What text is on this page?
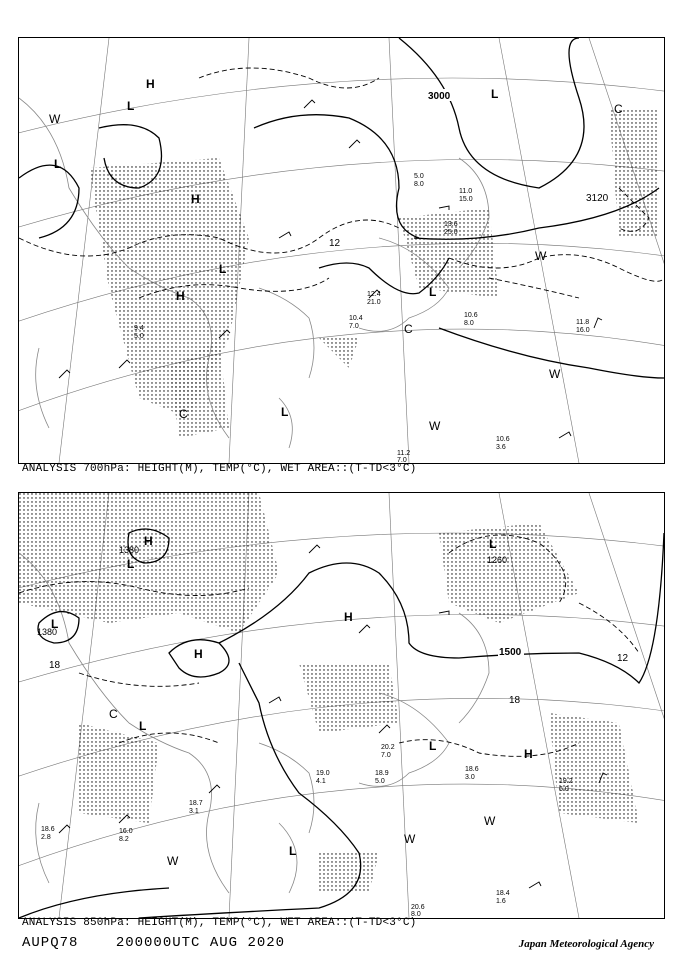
3000
3120
12
L
L
L
L
L
H
H
W
W
W
C
C
C
H
W
L
10.6
8.0
10.6
3.6
11.2
7.0
11.8
16.0
12.4
21.0
13.6
25.0
9.4
5.0
10.4
7.0
5.0
8.0
11.0
15.0
ANALYSIS 700hPa: HEIGHT(M), TEMP(°C), WET AREA::(T-TD<3°C)
1500
18
18
12
1380
1380
1260
L
L
L
L
L
H
H
H
H
W
W
W
C
L
20.6
8.0
18.4
1.6
18.6
3.0
19.2
6.0
18.7
3.1
19.0
4.1
20.2
7.0
18.9
5.0
16.0
8.2
18.6
2.8
ANALYSIS 850hPa: HEIGHT(M), TEMP(°C), WET AREA::(T-TD<3°C)
AUPQ78	200000UTC AUG 2020	Japan Meteorological Agency
